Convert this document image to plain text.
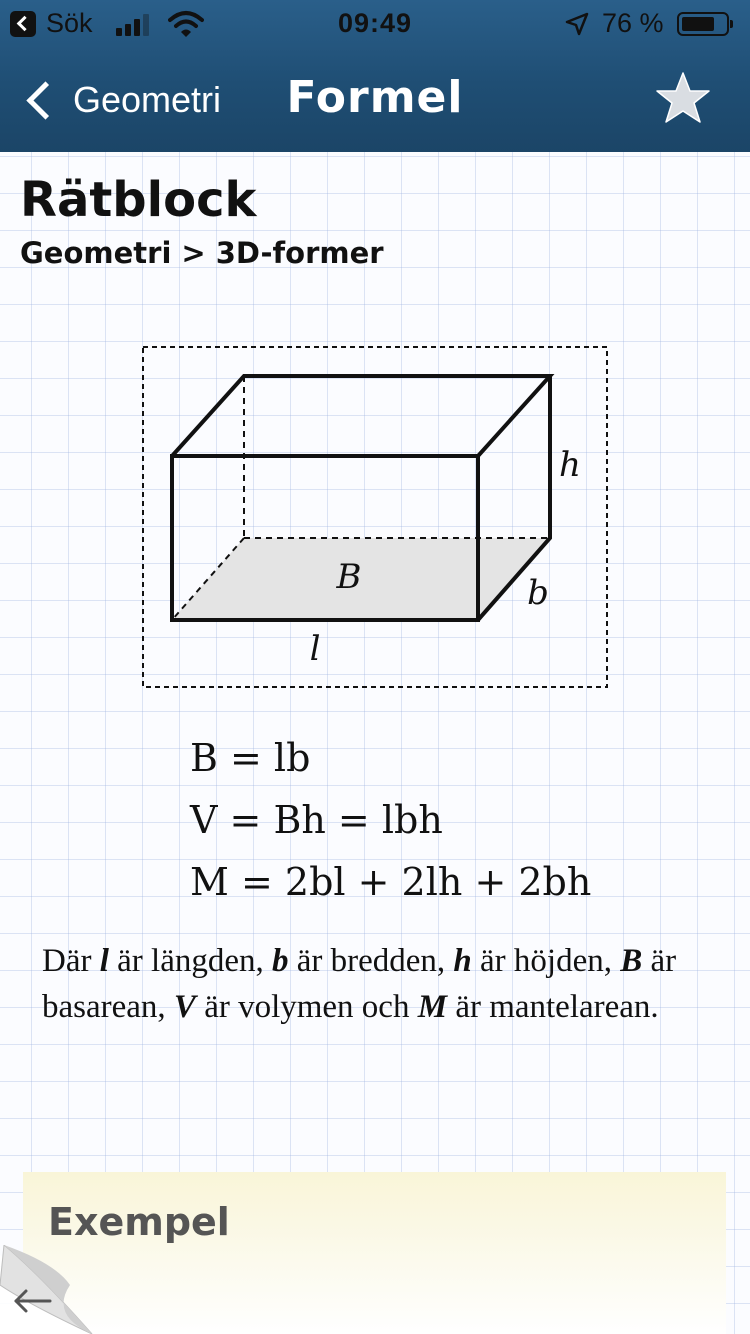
Sök	09:49	76 %
Geometri	Formel
Rätblock
Geometri > 3D-former
B
h
b
l
B = lb
V = Bh = lbh
M = 2bl + 2lh + 2bh
Där l är längden, b är bredden, h är höjden, B är basarean, V är volymen och M är mantelarean.
Exempel
